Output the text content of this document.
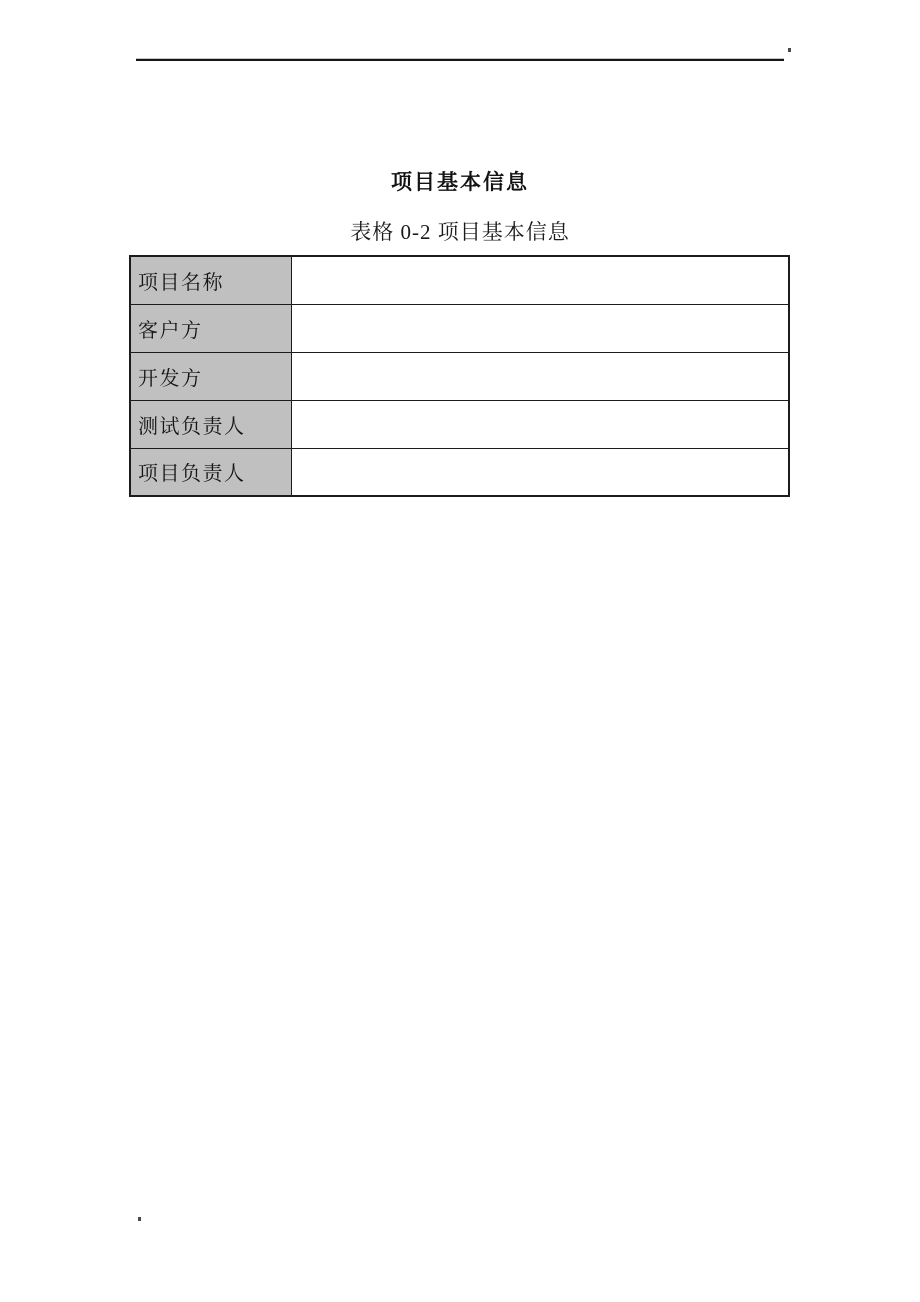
项目基本信息
表格 0-2 项目基本信息
项目名称	
客户方	
开发方	
测试负责人	
项目负责人	
